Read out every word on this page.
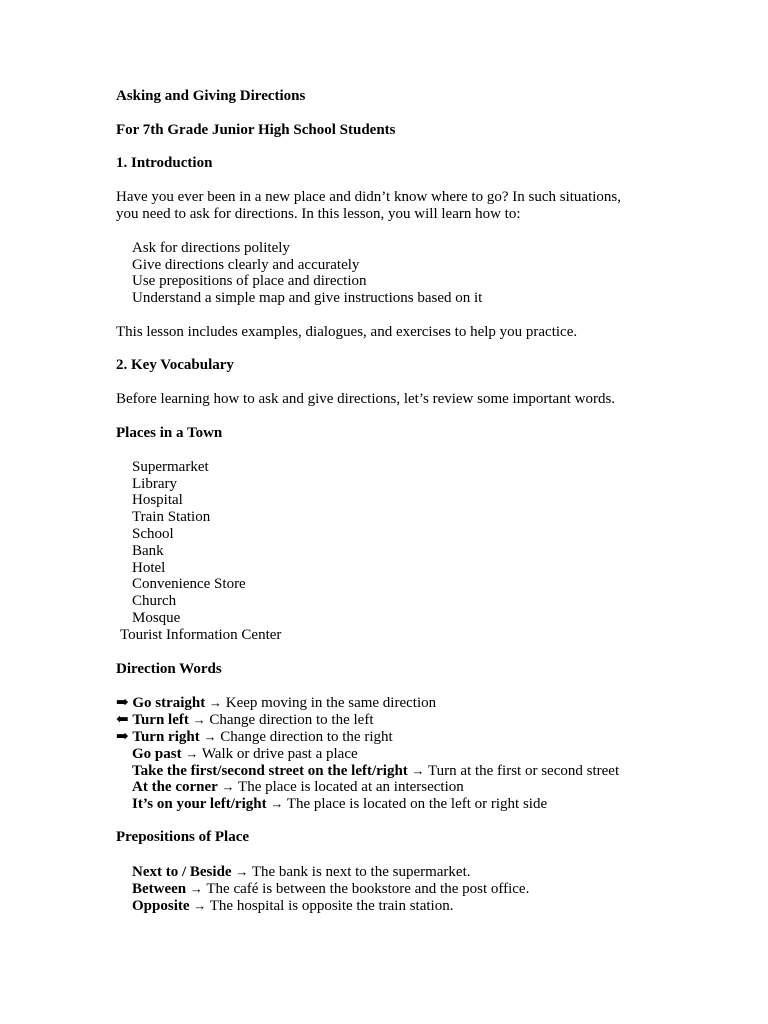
Asking and Giving Directions
For 7th Grade Junior High School Students
1. Introduction
Have you ever been in a new place and didn’t know where to go? In such situations,
you need to ask for directions. In this lesson, you will learn how to:
Ask for directions politely
Give directions clearly and accurately
Use prepositions of place and direction
Understand a simple map and give instructions based on it
This lesson includes examples, dialogues, and exercises to help you practice.
2. Key Vocabulary
Before learning how to ask and give directions, let’s review some important words.
Places in a Town
Supermarket
Library
Hospital
Train Station
School
Bank
Hotel
Convenience Store
Church
Mosque
Tourist Information Center
Direction Words
➡ Go straight → Keep moving in the same direction
⬅ Turn left → Change direction to the left
➡ Turn right → Change direction to the right
Go past → Walk or drive past a place
Take the first/second street on the left/right → Turn at the first or second street
At the corner → The place is located at an intersection
It’s on your left/right → The place is located on the left or right side
Prepositions of Place
Next to / Beside → The bank is next to the supermarket.
Between → The café is between the bookstore and the post office.
Opposite → The hospital is opposite the train station.
